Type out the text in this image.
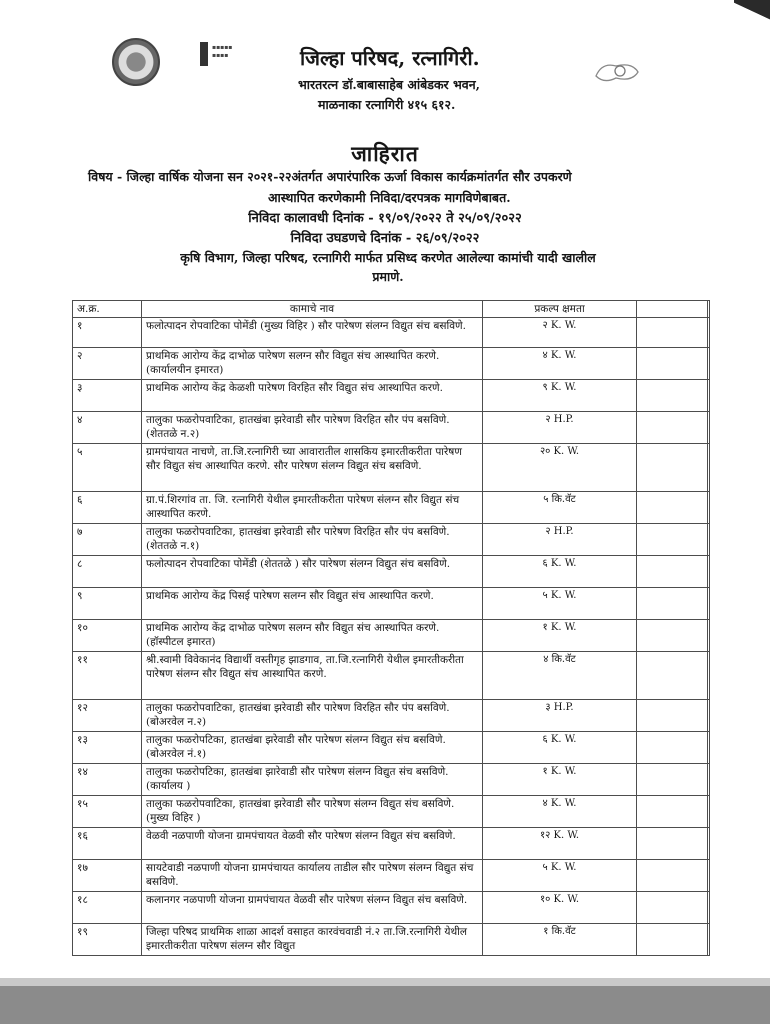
▪▪▪▪▪
▪▪▪▪	जिल्हा परिषद, रत्नागिरी.
भारतरत्न डॉ.बाबासाहेब आंबेडकर भवन,
माळनाका रत्नागिरी ४१५ ६१२.
जाहिरात
विषय - जिल्हा वार्षिक योजना सन २०२१-२२अंतर्गत अपारंपारिक ऊर्जा विकास कार्यक्रमांतर्गत सौर उपकरणे
आस्थापित करणेकामी निविदा/दरपत्रक मागविणेबाबत.
निविदा कालावधी दिनांक - १९/०९/२०२२ ते २५/०९/२०२२
निविदा उघडणचे दिनांक - २६/०९/२०२२
कृषि विभाग, जिल्हा परिषद, रत्नागिरी मार्फत प्रसिध्द करणेत आलेल्या कामांची यादी खालील
प्रमाणे.
अ.क्र.	कामाचे नाव	प्रकल्प क्षमता		
१	फलोत्पादन रोपवाटिका पोमेंडी (मुख्य विहिर ) सौर पारेषण संलग्न विद्युत संच बसविणे.	२ K. W.		
२	प्राथमिक आरोग्य केंद्र दाभोळ पारेषण सलग्न सौर विद्युत संच आस्थापित करणे. (कार्यालयीन इमारत)	४ K. W.		
३	प्राथमिक आरोग्य केंद्र केळशी पारेषण विरहित सौर विद्युत संच आस्थापित करणे.	९ K. W.		
४	तालुका फळरोपवाटिका, हातखंबा झरेवाडी सौर पारेषण विरहित सौर पंप बसविणे. (शेततळे न.२)	२ H.P.		
५	ग्रामपंचायत नाचणे, ता.जि.रत्नागिरी च्या आवारातील शासकिय इमारतीकरीता पारेषण सौर विद्युत संच आस्थापित करणे. सौर पारेषण संलग्न विद्युत संच बसविणे.	२० K. W.		
६	ग्रा.पं.शिरगांव ता. जि. रत्नागिरी येथील इमारतीकरीता पारेषण संलग्न सौर विद्युत संच आस्थापित करणे.	५ कि.वॅट		
७	तालुका फळरोपवाटिका, हातखंबा झरेवाडी सौर पारेषण विरहित सौर पंप बसविणे. (शेततळे न.१)	२ H.P.		
८	फलोत्पादन रोपवाटिका पोमेंडी (शेततळे ) सौर पारेषण संलग्न विद्युत संच बसविणे.	६ K. W.		
९	प्राथमिक आरोग्य केंद्र पिसई पारेषण सलग्न सौर विद्युत संच आस्थापित करणे.	५ K. W.		
१०	प्राथमिक आरोग्य केंद्र दाभोळ पारेषण सलग्न सौर विद्युत संच आस्थापित करणे. (हॉस्पीटल इमारत)	१ K. W.		
११	श्री.स्वामी विवेकानंद विद्यार्थी वस्तीगृह झाडगाव, ता.जि.रत्नागिरी येथील इमारतीकरीता पारेषण संलग्न सौर विद्युत संच आस्थापित करणे.	४ कि.वॅट		
१२	तालुका फळरोपवाटिका, हातखंबा झरेवाडी सौर पारेषण विरहित सौर पंप बसविणे. (बोअरवेल न.२)	३ H.P.		
१३	तालुका फळरोपटिका, हातखंबा झरेवाडी सौर पारेषण संलग्न विद्युत संच बसविणे. (बोअरवेल नं.१)	६ K. W.		
१४	तालुका फळरोपटिका, हातखंबा झारेवाडी सौर पारेषण संलग्न विद्युत संच बसविणे. (कार्यालय )	१ K. W.		
१५	तालुका फळरोपवाटिका, हातखंबा झरेवाडी सौर पारेषण संलग्न विद्युत संच बसविणे. (मुख्य विहिर )	४ K. W.		
१६	वेळवी नळपाणी योजना ग्रामपंचायत वेळवी सौर पारेषण संलग्न विद्युत संच बसविणे.	१२ K. W.		
१७	सायटेवाडी नळपाणी योजना ग्रामपंचायत कार्यालय ताडील सौर पारेषण संलग्न विद्युत संच बसविणे.	५ K. W.		
१८	कलानगर नळपाणी योजना ग्रामपंचायत वेळवी सौर पारेषण संलग्न विद्युत संच बसविणे.	१० K. W.		
१९	जिल्हा परिषद प्राथमिक शाळा आदर्श वसाहत कारवंचवाडी नं.२ ता.जि.रत्नागिरी येथील इमारतीकरीता पारेषण संलग्न सौर विद्युत	१ कि.वॅट		
